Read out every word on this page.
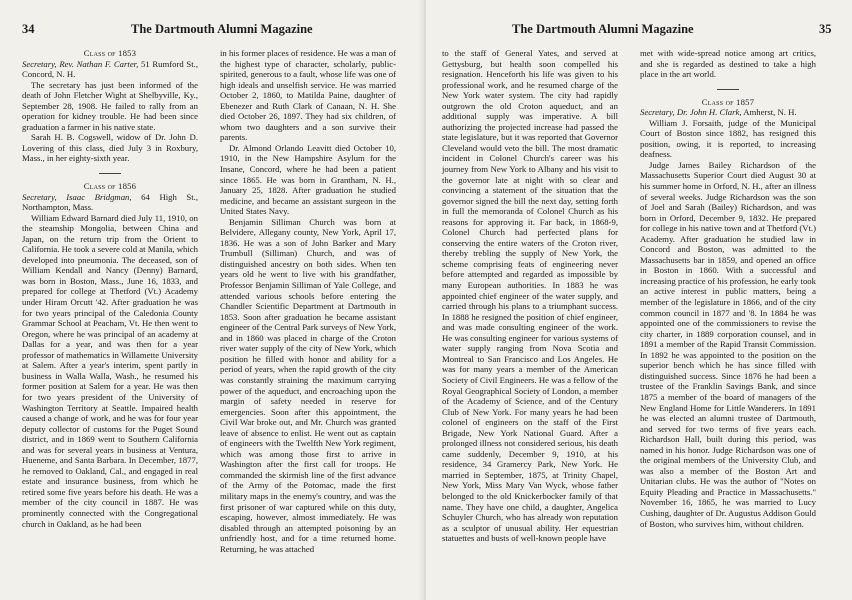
34	The Dartmouth Alumni Magazine

Class of 1853

Secretary, Rev. Nathan F. Carter, 51 Rumford St., Concord, N. H.

The secretary has just been informed of the death of John Fletcher Wight at Shelbyville, Ky., September 28, 1908. He failed to rally from an operation for kidney trouble. He had been since graduation a farmer in his native state.

Sarah H. B. Cogswell, widow of Dr. John D. Lovering of this class, died July 3 in Roxbury, Mass., in her eighty-sixth year.

Class of 1856

Secretary, Isaac Bridgman, 64 High St., Northampton, Mass.

William Edward Barnard died July 11, 1910, on the steamship Mongolia, between China and Japan, on the return trip from the Orient to California. He took a severe cold at Manila, which developed into pneumonia. The deceased, son of William Kendall and Nancy (Denny) Barnard, was born in Boston, Mass., June 16, 1833, and prepared for college at Thetford (Vt.) Academy under Hiram Orcutt '42. After graduation he was for two years principal of the Caledonia County Grammar School at Peacham, Vt. He then went to Oregon, where he was principal of an academy at Dallas for a year, and was then for a year professor of mathematics in Willamette University at Salem. After a year's interim, spent partly in business in Walla Walla, Wash., he resumed his former position at Salem for a year. He was then for two years president of the University of Washington Territory at Seattle. Impaired health caused a change of work, and he was for four year deputy collector of customs for the Puget Sound district, and in 1869 went to Southern California and was for several years in business at Ventura, Hueneme, and Santa Barbara. In December, 1877, he removed to Oakland, Cal., and engaged in real estate and insurance business, from which he retired some five years before his death. He was a member of the city council in 1887. He was prominently connected with the Congregational church in Oakland, as he had been

in his former places of residence. He was a man of the highest type of character, scholarly, public-spirited, generous to a fault, whose life was one of high ideals and unselfish service. He was married October 2, 1860, to Matilda Paine, daughter of Ebenezer and Ruth Clark of Canaan, N. H. She died October 26, 1897. They had six children, of whom two daughters and a son survive their parents.

Dr. Almond Orlando Leavitt died October 10, 1910, in the New Hampshire Asylum for the Insane, Concord, where he had been a patient since 1865. He was born in Grantham, N. H., January 25, 1828. After graduation he studied medicine, and became an assistant surgeon in the United States Navy.

Benjamin Silliman Church was born at Belvidere, Allegany county, New York, April 17, 1836. He was a son of John Barker and Mary Trumbull (Silliman) Church, and was of distinguished ancestry on both sides. When ten years old he went to live with his grandfather, Professor Benjamin Silliman of Yale College, and attended various schools before entering the Chandler Scientific Department at Dartmouth in 1853. Soon after graduation he became assistant engineer of the Central Park surveys of New York, and in 1860 was placed in charge of the Croton river water supply of the city of New York, which position he filled with honor and ability for a period of years, when the rapid growth of the city was constantly straining the maximum carrying power of the aqueduct, and encroaching upon the margin of safety needed in reserve for emergencies. Soon after this appointment, the Civil War broke out, and Mr. Church was granted leave of absence to enlist. He went out as captain of engineers with the Twelfth New York regiment, which was among those first to arrive in Washington after the first call for troops. He commanded the skirmish line of the first advance of the Army of the Potomac, made the first military maps in the enemy's country, and was the first prisoner of war captured while on this duty, escaping, however, almost immediately. He was disabled through an attempted poisoning by an unfriendly host, and for a time returned home. Returning, he was attached

The Dartmouth Alumni Magazine	35

to the staff of General Yates, and served at Gettysburg, but health soon compelled his resignation. Henceforth his life was given to his professional work, and he resumed charge of the New York water system. The city had rapidly outgrown the old Croton aqueduct, and an additional supply was imperative. A bill authorizing the projected increase had passed the state legislature, but it was reported that Governor Cleveland would veto the bill. The most dramatic incident in Colonel Church's career was his journey from New York to Albany and his visit to the governor late at night with so clear and convincing a statement of the situation that the governor signed the bill the next day, setting forth in full the memoranda of Colonel Church as his reasons for approving it. Far back, in 1868-9, Colonel Church had perfected plans for conserving the entire waters of the Croton river, thereby trebling the supply of New York, the scheme comprising feats of engineering never before attempted and regarded as impossible by many European authorities. In 1883 he was appointed chief engineer of the water supply, and carried through his plans to a triumphant success. In 1888 he resigned the position of chief engineer, and was made consulting engineer of the work. He was consulting engineer for various systems of water supply ranging from Nova Scotia and Montreal to San Francisco and Los Angeles. He was for many years a member of the American Society of Civil Engineers. He was a fellow of the Royal Geographical Society of London, a member of the Academy of Science, and of the Century Club of New York. For many years he had been colonel of engineers on the staff of the First Brigade, New York National Guard. After a prolonged illness not considered serious, his death came suddenly, December 9, 1910, at his residence, 34 Gramercy Park, New York. He married in September, 1875, at Trinity Chapel, New York, Miss Mary Van Wyck, whose father belonged to the old Knickerbocker family of that name. They have one child, a daughter, Angelica Schuyler Church, who has already won reputation as a sculptor of unusual ability. Her equestrian statuettes and busts of well-known people have

met with wide-spread notice among art critics, and she is regarded as destined to take a high place in the art world.

Class of 1857

Secretary, Dr. John H. Clark, Amherst, N. H.

William J. Forsaith, judge of the Municipal Court of Boston since 1882, has resigned this position, owing, it is reported, to increasing deafness.

Judge James Bailey Richardson of the Massachusetts Superior Court died August 30 at his summer home in Orford, N. H., after an illness of several weeks. Judge Richardson was the son of Joel and Sarah (Bailey) Richardson, and was born in Orford, December 9, 1832. He prepared for college in his native town and at Thetford (Vt.) Academy. After graduation he studied law in Concord and Boston, was admitted to the Massachusetts bar in 1859, and opened an office in Boston in 1860. With a successful and increasing practice of his profession, he early took an active interest in public matters, being a member of the legislature in 1866, and of the city common council in 1877 and '8. In 1884 he was appointed one of the commissioners to revise the city charter, in 1889 corporation counsel, and in 1891 a member of the Rapid Transit Commission. In 1892 he was appointed to the position on the superior bench which he has since filled with distinguished success. Since 1876 he had been a trustee of the Franklin Savings Bank, and since 1875 a member of the board of managers of the New England Home for Little Wanderers. In 1891 he was elected an alumni trustee of Dartmouth, and served for two terms of five years each. Richardson Hall, built during this period, was named in his honor. Judge Richardson was one of the original members of the University Club, and was also a member of the Boston Art and Unitarian clubs. He was the author of "Notes on Equity Pleading and Practice in Massachusetts." November 16, 1865, he was married to Lucy Cushing, daughter of Dr. Augustus Addison Gould of Boston, who survives him, without children.
